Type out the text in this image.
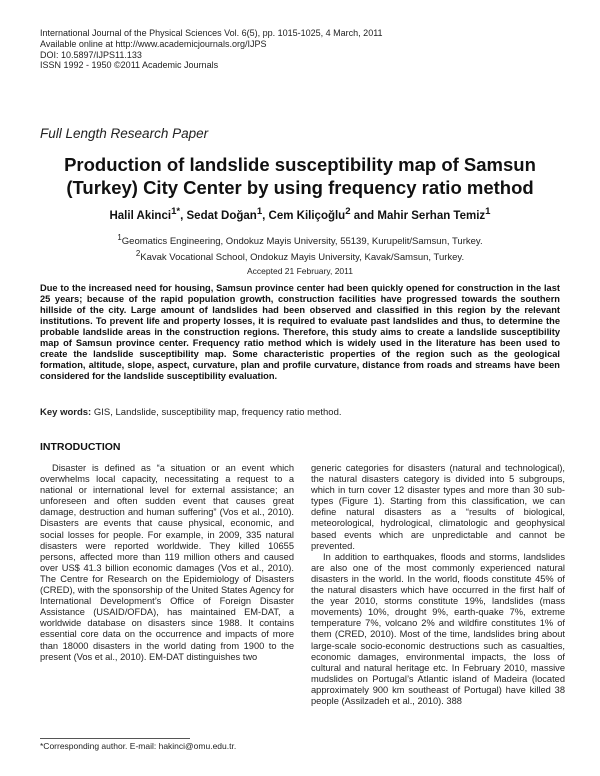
International Journal of the Physical Sciences Vol. 6(5), pp. 1015-1025, 4 March, 2011
Available online at http://www.academicjournals.org/IJPS
DOI: 10.5897/IJPS11.133
ISSN 1992 - 1950 ©2011 Academic Journals
Full Length Research Paper
Production of landslide susceptibility map of Samsun
(Turkey) City Center by using frequency ratio method
Halil Akinci$^{1*}$, Sedat Doğan$^1$, Cem Kiliçoğlu$^2$ and Mahir Serhan Temiz$^1$
$^1$Geomatics Engineering, Ondokuz Mayis University, 55139, Kurupelit/Samsun, Turkey.
$^2$Kavak Vocational School, Ondokuz Mayis University, Kavak/Samsun, Turkey.
Accepted 21 February, 2011
Due to the increased need for housing, Samsun province center had been quickly opened for construction in the last 25 years; because of the rapid population growth, construction facilities have progressed towards the southern hillside of the city. Large amount of landslides had been observed and classified in this region by the relevant institutions. To prevent life and property losses, it is required to evaluate past landslides and thus, to determine the probable landslide areas in the construction regions. Therefore, this study aims to create a landslide susceptibility map of Samsun province center. Frequency ratio method which is widely used in the literature has been used to create the landslide susceptibility map. Some characteristic properties of the region such as the geological formation, altitude, slope, aspect, curvature, plan and profile curvature, distance from roads and streams have been considered for the landslide susceptibility evaluation.
Key words: GIS, Landslide, susceptibility map, frequency ratio method.
INTRODUCTION

Disaster is defined as “a situation or an event which overwhelms local capacity, necessitating a request to a national or international level for external assistance; an unforeseen and often sudden event that causes great damage, destruction and human suffering” (Vos et al., 2010). Disasters are events that cause physical, economic, and social losses for people. For example, in 2009, 335 natural disasters were reported worldwide. They killed 10655 persons, affected more than 119 million others and caused over US$ 41.3 billion economic damages (Vos et al., 2010). The Centre for Research on the Epidemiology of Disasters (CRED), with the sponsorship of the United States Agency for International Development’s Office of Foreign Disaster Assistance (USAID/OFDA), has maintained EM-DAT, a worldwide database on disasters since 1988. It contains essential core data on the occurrence and impacts of more than 18000 disasters in the world dating from 1900 to the present (Vos et al., 2010). EM-DAT distinguishes two

generic categories for disasters (natural and technological), the natural disasters category is divided into 5 subgroups, which in turn cover 12 disaster types and more than 30 sub-types (Figure 1). Starting from this classification, we can define natural disasters as a “results of biological, meteorological, hydrological, climatologic and geophysical based events which are unpredictable and cannot be prevented.

In addition to earthquakes, floods and storms, landslides are also one of the most commonly experienced natural disasters in the world. In the world, floods constitute 45% of the natural disasters which have occurred in the first half of the year 2010, storms constitute 19%, landslides (mass movements) 10%, drought 9%, earth-quake 7%, extreme temperature 7%, volcano 2% and wildfire constitutes 1% of them (CRED, 2010). Most of the time, landslides bring about large-scale socio-economic destructions such as casualties, economic damages, environmental impacts, the loss of cultural and natural heritage etc. In February 2010, massive mudslides on Portugal’s Atlantic island of Madeira (located approximately 900 km southeast of Portugal) have killed 38 people (Assilzadeh et al., 2010). 388

*Corresponding author. E-mail: hakinci@omu.edu.tr.
